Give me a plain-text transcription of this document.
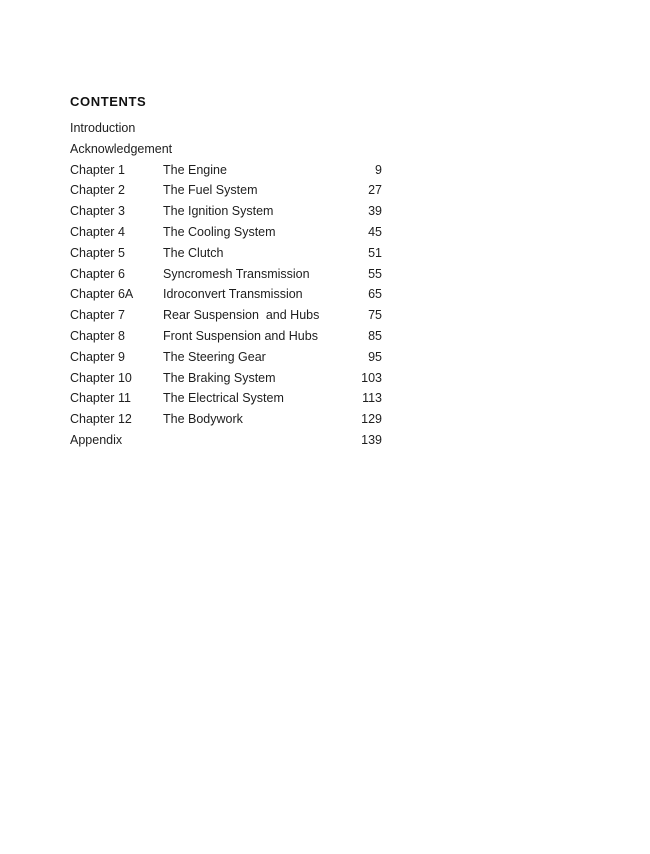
CONTENTS
Introduction
Acknowledgement
Chapter 1	The Engine	9
Chapter 2	The Fuel System	27
Chapter 3	The Ignition System	39
Chapter 4	The Cooling System	45
Chapter 5	The Clutch	51
Chapter 6	Syncromesh Transmission	55
Chapter 6A Idroconvert Transmission	65
Chapter 7	Rear Suspension  and Hubs	75
Chapter 8	Front Suspension and Hubs	85
Chapter 9	The Steering Gear	95
Chapter 10 The Braking System	103
Chapter 11	The Electrical System	113
Chapter 12 The Bodywork	129
Appendix	139
